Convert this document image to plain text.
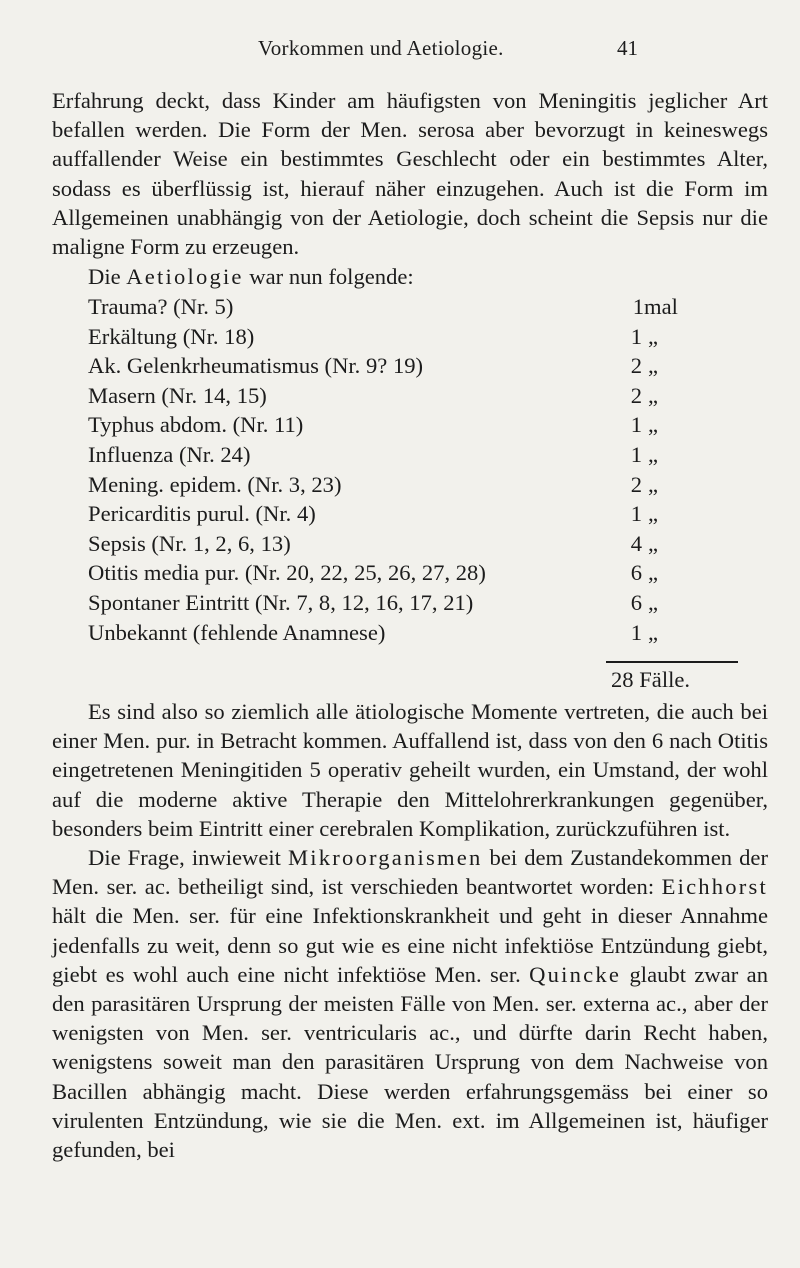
Vorkommen und Aetiologie.	41

Erfahrung deckt, dass Kinder am häufigsten von Meningitis jeglicher Art befallen werden. Die Form der Men. serosa aber bevorzugt in keineswegs auffallender Weise ein bestimmtes Geschlecht oder ein bestimmtes Alter, sodass es überflüssig ist, hierauf näher einzugehen. Auch ist die Form im Allgemeinen unabhängig von der Aetiologie, doch scheint die Sepsis nur die maligne Form zu erzeugen.

Die Aetiologie war nun folgende:
Trauma? (Nr. 5)	1 mal
Erkältung (Nr. 18)	1 „
Ak. Gelenkrheumatismus (Nr. 9? 19)	2 „
Masern (Nr. 14, 15)	2 „
Typhus abdom. (Nr. 11)	1 „
Influenza (Nr. 24)	1 „
Mening. epidem. (Nr. 3, 23)	2 „
Pericarditis purul. (Nr. 4)	1 „
Sepsis (Nr. 1, 2, 6, 13)	4 „
Otitis media pur. (Nr. 20, 22, 25, 26, 27, 28)	6 „
Spontaner Eintritt (Nr. 7, 8, 12, 16, 17, 21)	6 „
Unbekannt (fehlende Anamnese)	1 „
28 Fälle.

Es sind also so ziemlich alle ätiologische Momente vertreten, die auch bei einer Men. pur. in Betracht kommen. Auffallend ist, dass von den 6 nach Otitis eingetretenen Meningitiden 5 operativ geheilt wurden, ein Umstand, der wohl auf die moderne aktive Therapie den Mittelohrerkrankungen gegenüber, besonders beim Eintritt einer cerebralen Komplikation, zurückzuführen ist.

Die Frage, inwieweit Mikroorganismen bei dem Zustandekommen der Men. ser. ac. betheiligt sind, ist verschieden beantwortet worden: Eichhorst hält die Men. ser. für eine Infektionskrankheit und geht in dieser Annahme jedenfalls zu weit, denn so gut wie es eine nicht infektiöse Entzündung giebt, giebt es wohl auch eine nicht infektiöse Men. ser. Quincke glaubt zwar an den parasitären Ursprung der meisten Fälle von Men. ser. externa ac., aber der wenigsten von Men. ser. ventricularis ac., und dürfte darin Recht haben, wenigstens soweit man den parasitären Ursprung von dem Nachweise von Bacillen abhängig macht. Diese werden erfahrungsgemäss bei einer so virulenten Entzündung, wie sie die Men. ext. im Allgemeinen ist, häufiger gefunden, bei
